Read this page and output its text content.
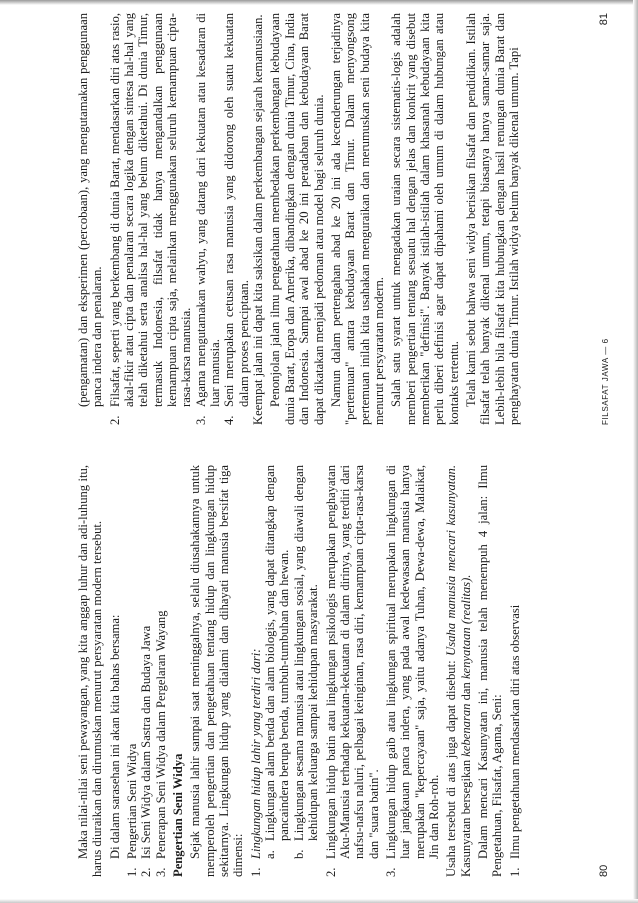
Maka nilai-nilai seni pewayangan, yang kita anggap luhur dan adi-luhung itu, harus diuraikan dan dirumuskan menurut persyaratan modern tersebut. Di dalam sarasehan ini akan kita bahas bersama:

1.
Pengertian Seni Widya
2.
Isi Seni Widya dalam Sastra dan Budaya Jawa
3.
Penerapan Seni Widya dalam Pergelaran Wayang Pengertian Seni Widya Sejak manusia lahir sampai saat meninggalnya, selalu diusahakannya untuk memperoleh pengertian dan pengetahuan tentang hidup dan lingkungan hidup sekitarnya. Lingkungan hidup yang dialami dan dihayati manusia bersifat tiga dimensi: 1.
Lingkungan hidup lahir yang terdiri dari: a.
Lingkungan alam benda dan alam biologis, yang dapat ditangkap dengan pancaindera berupa benda, tumbuh-tumbuhan dan hewan.
b.
Lingkungan sesama manusia atau lingkungan sosial, yang diawali dengan kehidupan keluarga sampai kehidupan masyarakat.
2.
Lingkungan hidup batin atau lingkungan psikologis merupakan penghayatan Aku-Manusia terhadap kekuatan-kekuatan di dalam dirinya, yang terdiri dari nafsu-nafsu naluri, pelbagai keinginan, rasa diri, kemampuan cipta-rasa-karsa dan "suara batin".
3.
Lingkungan hidup gaib atau lingkungan spiritual merupakan lingkungan di luar jangkauan panca indera, yang pada awal kedewasaan manusia hanya merupakan "kepercayaan" saja, yaitu adanya Tuhan, Dewa-dewa, Malaikat, Jin dan Roh-roh. Usaha tersebut di atas juga dapat disebut: Usaha manusia mencari kasunyatan. Kasunyatan bersegikan kebenaran dan kenyataan (realitas). Dalam mencari Kasunyatan ini, manusia telah menempuh 4 jalan: Ilmu Pengetahuan, Filsafat, Agama, Seni: 1.
Ilmu pengetahuan mendasarkan diri atas observasi
80

(pengamatan) dan eksperimen (percobaan), yang mengutamakan penggunaan panca indera dan penalaran.

2.
Filsafat, seperti yang berkembang di dunia Barat, mendasarkan diri atas rasio, akal-fikir atau cipta dan penalaran secara logika dengan sintesa hal-hal yang telah diketahui serta analisa hal-hal yang belum diketahui. Di dunia Timur, termasuk Indonesia, filsafat tidak hanya mengandalkan penggunaan kemampuan cipta saja, melainkan menggunakan seluruh kemampuan cipta-rasa-karsa manusia.
3.
Agama mengutamakan wahyu, yang datang dari kekuatan atau kesadaran di luar manusia.
4.
Seni merupakan cetusan rasa manusia yang didorong oleh suatu kekuatan dalam proses penciptaan. Keempat jalan ini dapat kita saksikan dalam perkembangan sejarah kemanusiaan. Penonjolan jalan ilmu pengetahuan membedakan perkembangan kebudayaan dunia Barat, Eropa dan Amerika, dibandingkan dengan dunia Timur, Cina, India dan Indonesia. Sampai awal abad ke 20 ini peradaban dan kebudayaan Barat dapat dikatakan menjadi pedoman atau model bagi seluruh dunia. Namun dalam pertengahan abad ke 20 ini ada kecenderungan terjadinya "pertemuan" antara kebudayaan Barat dan Timur. Dalam menyongsong pertemuan inilah kita usahakan menguraikan dan merumuskan seni budaya kita menurut persyaratan modern. Salah satu syarat untuk mengadakan uraian secara sistematis-logis adalah memberi pengertian tentang sesuatu hal dengan jelas dan konkrit yang disebut memberikan "definisi". Banyak istilah-istilah dalam khasanah kebudayaan kita perlu diberi definisi agar dapat dipahami oleh umum di dalam hubungan atau kontaks tertentu. Telah kami sebut bahwa seni widya berisikan filsafat dan pendidikan. Istilah filsafat telah banyak dikenal umum, tetapi biasanya hanya samar-samar saja. Lebih-lebih bila filsafat kita hubungkan dengan hasil renungan dunia Barat dan penghayatan dunia Timur. Istilah widya belum banyak dikenal umum. Tapi	FILSAFAT JAWA — 6
81
